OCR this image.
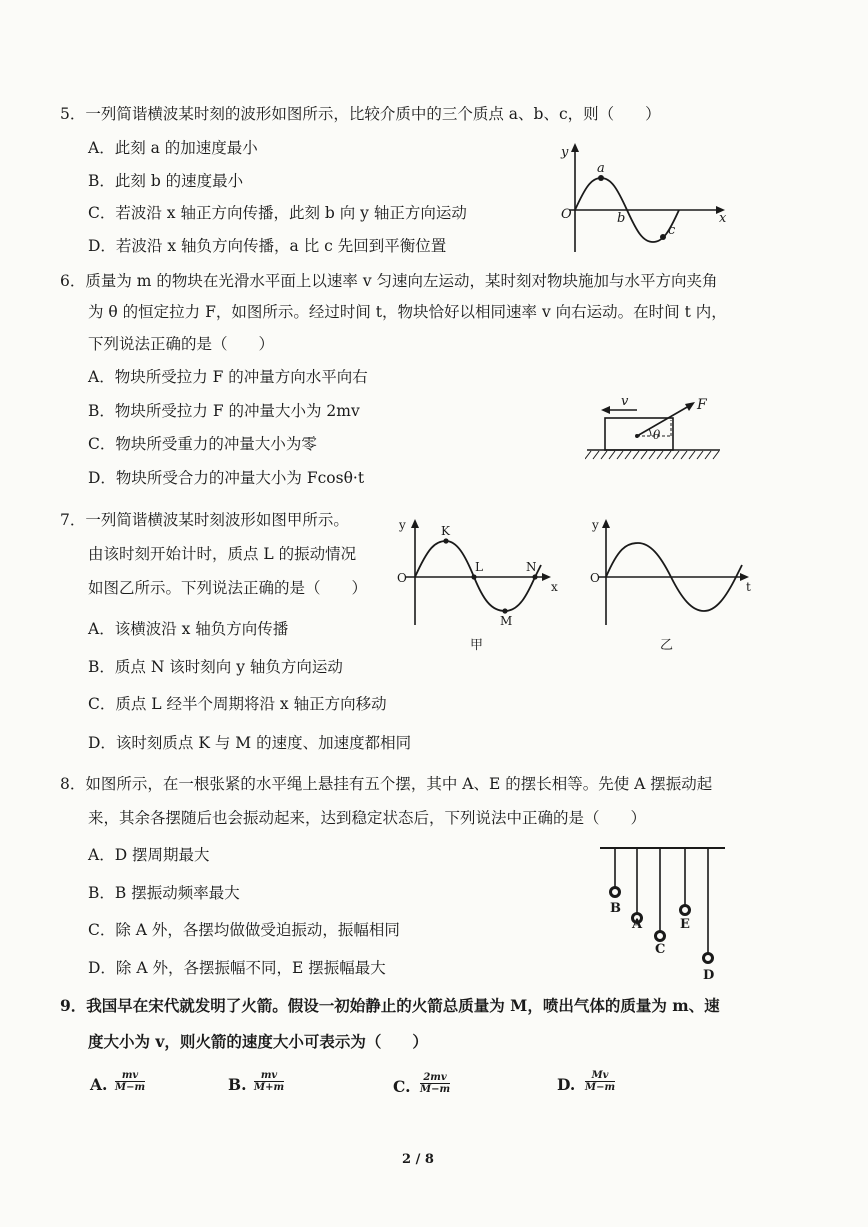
5．一列简谐横波某时刻的波形如图所示，比较介质中的三个质点 a、b、c，则（　　）
A．此刻 a 的加速度最小
B．此刻 b 的速度最小
C．若波沿 x 轴正方向传播，此刻 b 向 y 轴正方向运动
D．若波沿 x 轴负方向传播，a 比 c 先回到平衡位置
y
x
O
a
b
c
6．质量为 m 的物块在光滑水平面上以速率 v 匀速向左运动，某时刻对物块施加与水平方向夹角
为 θ 的恒定拉力 F，如图所示。经过时间 t，物块恰好以相同速率 v 向右运动。在时间 t 内，
下列说法正确的是（　　）
A．物块所受拉力 F 的冲量方向水平向右
B．物块所受拉力 F 的冲量大小为 2mv
C．物块所受重力的冲量大小为零
D．物块所受合力的冲量大小为 Fcosθ·t
v	F
θ
7．一列简谐横波某时刻波形如图甲所示。
由该时刻开始计时，质点 L 的振动情况
如图乙所示。下列说法正确的是（　　）
A．该横波沿 x 轴负方向传播
B．质点 N 该时刻向 y 轴负方向运动
C．质点 L 经半个周期将沿 x 轴正方向移动
D．该时刻质点 K 与 M 的速度、加速度都相同
y
x
O
K
L
M
N
甲
y
t
O
乙
8．如图所示，在一根张紧的水平绳上悬挂有五个摆，其中 A、E 的摆长相等。先使 A 摆振动起
来，其余各摆随后也会振动起来，达到稳定状态后，下列说法中正确的是（　　）
A．D 摆周期最大
B．B 摆振动频率最大
C．除 A 外，各摆均做做受迫振动，振幅相同
D．除 A 外，各摆振幅不同，E 摆振幅最大
B
A
C
E
D
9．我国早在宋代就发明了火箭。假设一初始静止的火箭总质量为 M，喷出气体的质量为 m、速
度大小为 v，则火箭的速度大小可表示为（　　）
A. mv
M−m	B. mv
M+m	C. 2mv
M−m	D. Mv
M−m
2 / 8
